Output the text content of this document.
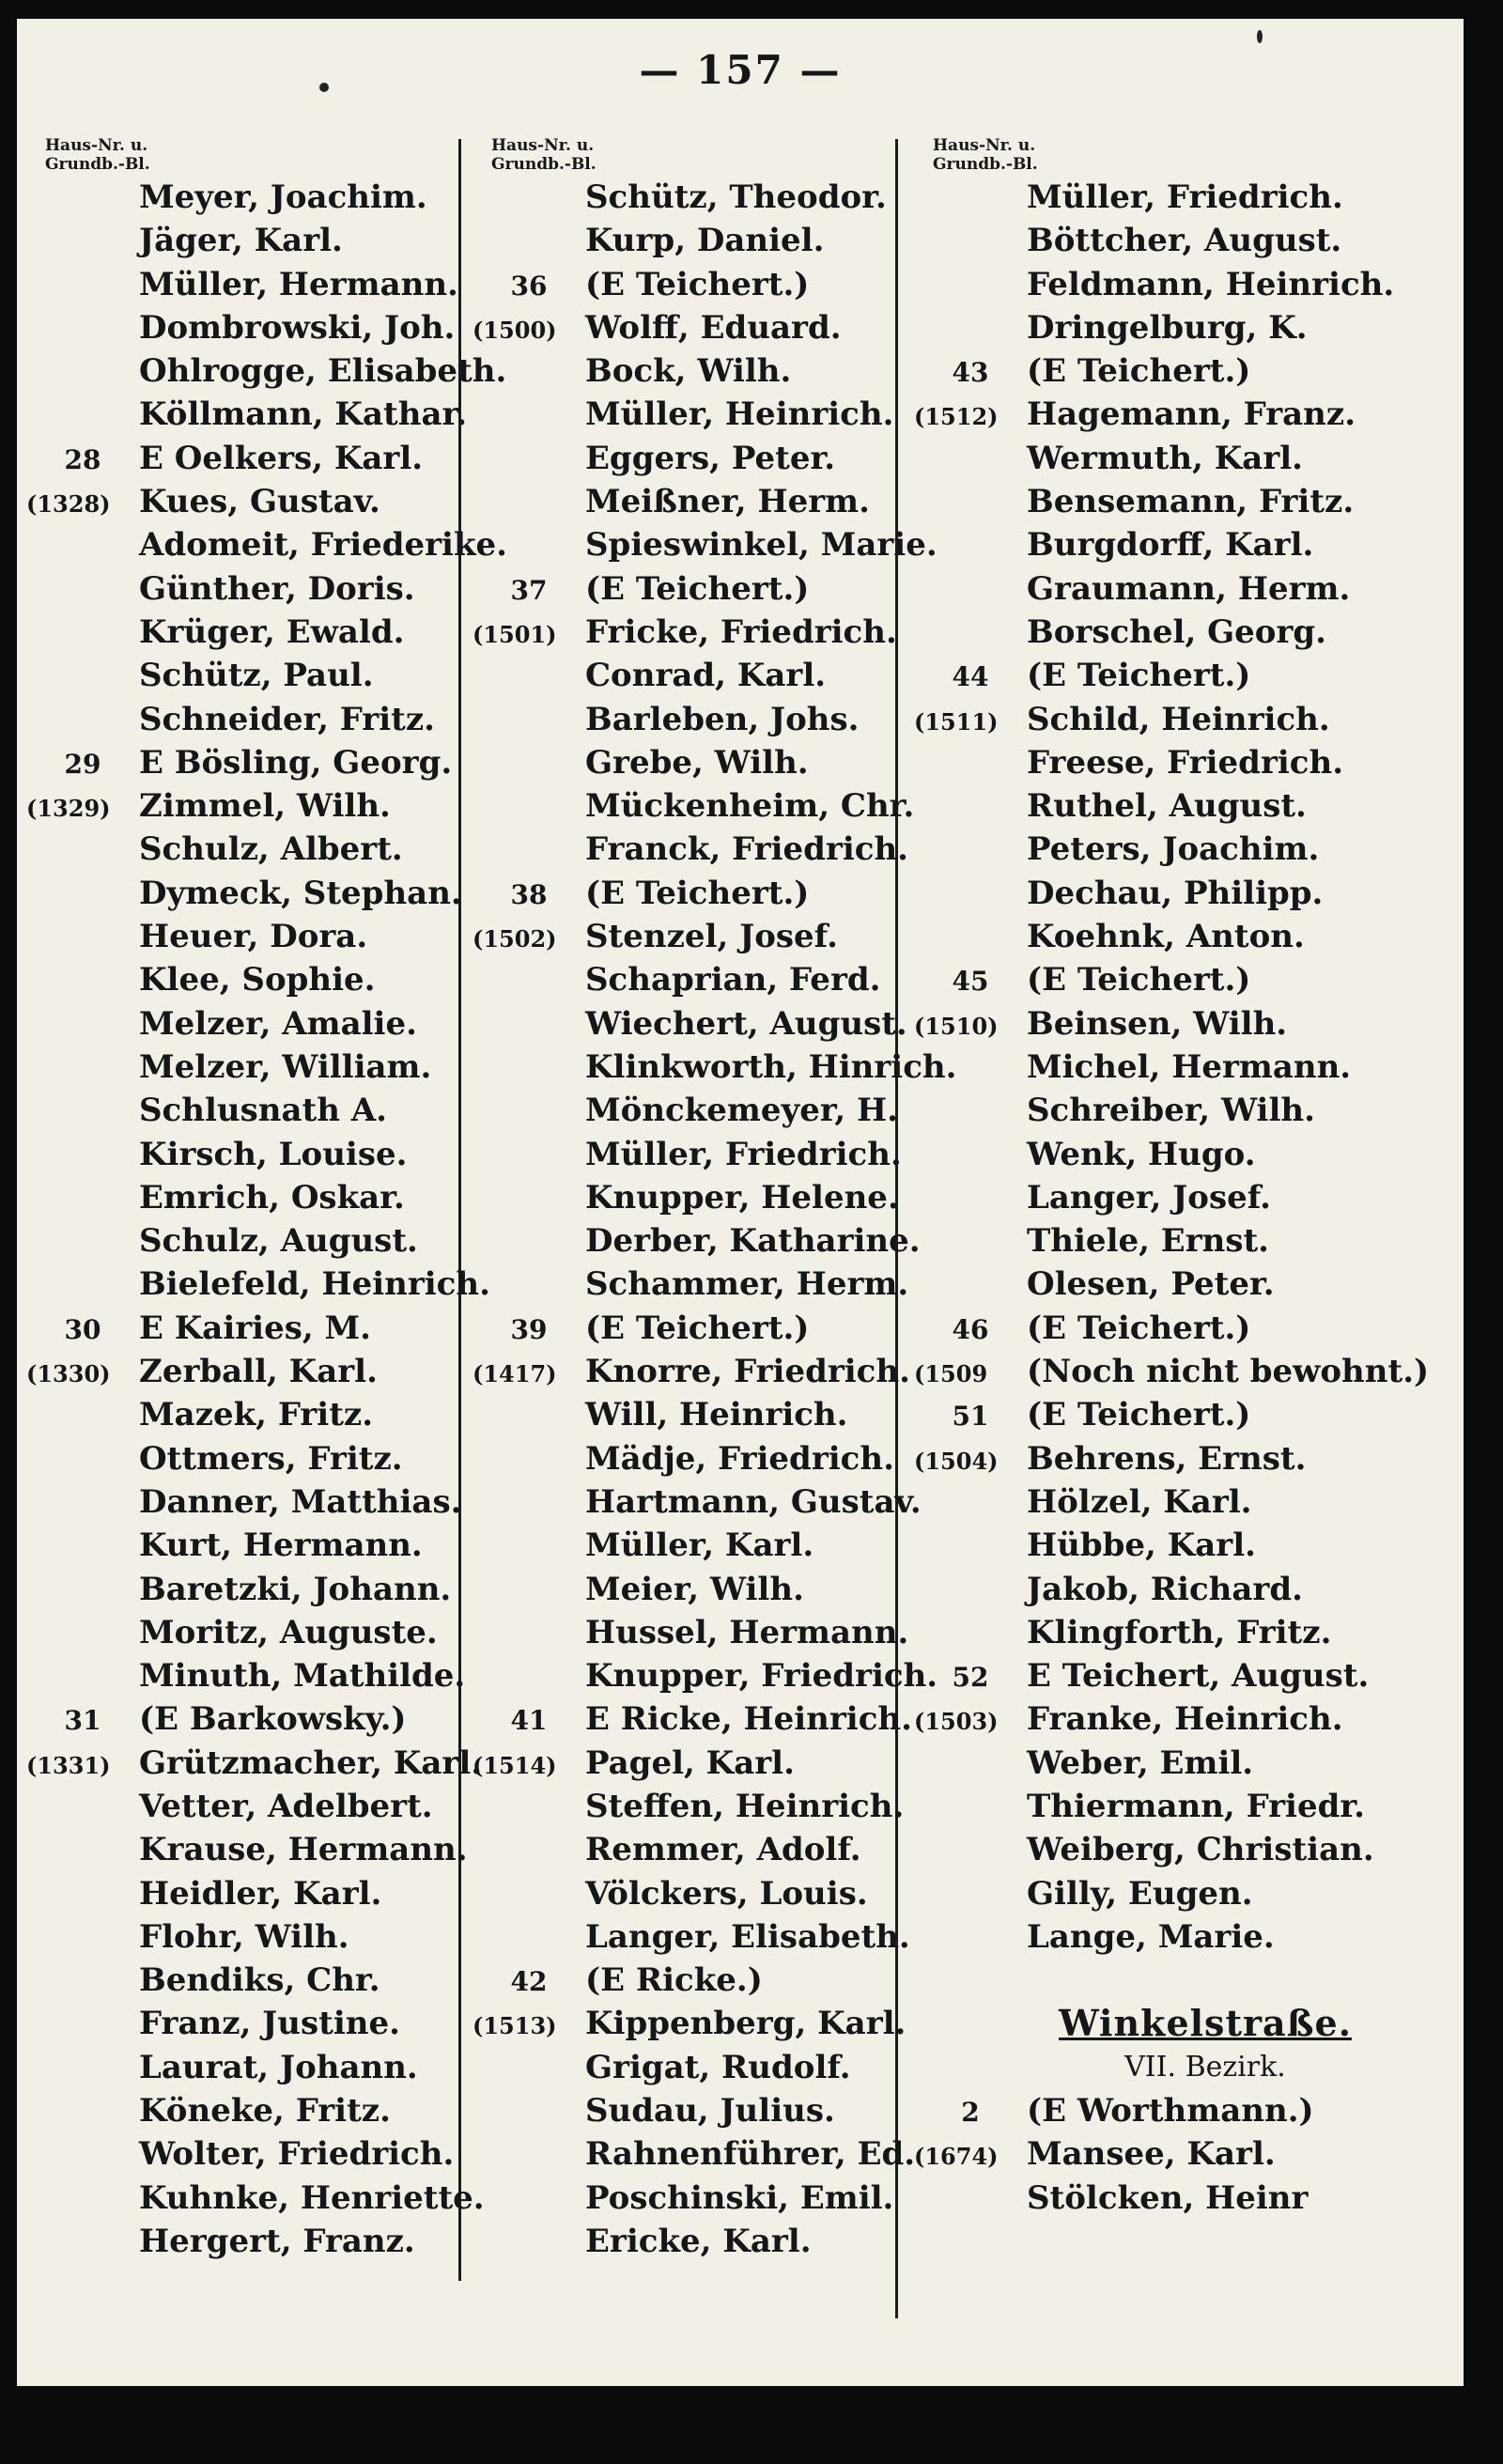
— 157 —
Haus-Nr. u.
Grundb.-Bl.
Meyer, Joachim.
Jäger, Karl.
Müller, Hermann.
Dombrowski, Joh.
Ohlrogge, Elisabeth.
Köllmann, Kathar.
28	E Oelkers, Karl.
(1328) Kues, Gustav.
Adomeit, Friederike.
Günther, Doris.
Krüger, Ewald.
Schütz, Paul.
Schneider, Fritz.
29	E Bösling, Georg.
(1329) Zimmel, Wilh.
Schulz, Albert.
Dymeck, Stephan.
Heuer, Dora.
Klee, Sophie.
Melzer, Amalie.
Melzer, William.
Schlusnath A.
Kirsch, Louise.
Emrich, Oskar.
Schulz, August.
Bielefeld, Heinrich.
30	E Kairies, M.
(1330) Zerball, Karl.
Mazek, Fritz.
Ottmers, Fritz.
Danner, Matthias.
Kurt, Hermann.
Baretzki, Johann.
Moritz, Auguste.
Minuth, Mathilde.
31	(E Barkowsky.)
(1331) Grützmacher, Karl.
Vetter, Adelbert.
Krause, Hermann.
Heidler, Karl.
Flohr, Wilh.
Bendiks, Chr.
Franz, Justine.
Laurat, Johann.
Köneke, Fritz.
Wolter, Friedrich.
Kuhnke, Henriette.
Hergert, Franz.
Haus-Nr. u.
Grundb.-Bl.
Schütz, Theodor.
Kurp, Daniel.
36	(E Teichert.)
(1500) Wolff, Eduard.
Bock, Wilh.
Müller, Heinrich.
Eggers, Peter.
Meißner, Herm.
Spieswinkel, Marie.
37	(E Teichert.)
(1501) Fricke, Friedrich.
Conrad, Karl.
Barleben, Johs.
Grebe, Wilh.
Mückenheim, Chr.
Franck, Friedrich.
38	(E Teichert.)
(1502) Stenzel, Josef.
Schaprian, Ferd.
Wiechert, August.
Klinkworth, Hinrich.
Mönckemeyer, H.
Müller, Friedrich.
Knupper, Helene.
Derber, Katharine.
Schammer, Herm.
39	(E Teichert.)
(1417) Knorre, Friedrich.
Will, Heinrich.
Mädje, Friedrich.
Hartmann, Gustav.
Müller, Karl.
Meier, Wilh.
Hussel, Hermann.
Knupper, Friedrich.
41	E Ricke, Heinrich.
(1514) Pagel, Karl.
Steffen, Heinrich.
Remmer, Adolf.
Völckers, Louis.
Langer, Elisabeth.
42	(E Ricke.)
(1513) Kippenberg, Karl.
Grigat, Rudolf.
Sudau, Julius.
Rahnenführer, Ed.
Poschinski, Emil.
Ericke, Karl.
Haus-Nr. u.
Grundb.-Bl.
Müller, Friedrich.
Böttcher, August.
Feldmann, Heinrich.
Dringelburg, K.
43	(E Teichert.)
(1512) Hagemann, Franz.
Wermuth, Karl.
Bensemann, Fritz.
Burgdorff, Karl.
Graumann, Herm.
Borschel, Georg.
44	(E Teichert.)
(1511) Schild, Heinrich.
Freese, Friedrich.
Ruthel, August.
Peters, Joachim.
Dechau, Philipp.
Koehnk, Anton.
45	(E Teichert.)
(1510) Beinsen, Wilh.
Michel, Hermann.
Schreiber, Wilh.
Wenk, Hugo.
Langer, Josef.
Thiele, Ernst.
Olesen, Peter.
46	(E Teichert.)
(1509	(Noch nicht bewohnt.)
51	(E Teichert.)
(1504) Behrens, Ernst.
Hölzel, Karl.
Hübbe, Karl.
Jakob, Richard.
Klingforth, Fritz.
52	E Teichert, August.
(1503) Franke, Heinrich.
Weber, Emil.
Thiermann, Friedr.
Weiberg, Christian.
Gilly, Eugen.
Lange, Marie.
Winkelstraße.
VII. Bezirk.
2	(E Worthmann.)
(1674) Mansee, Karl.
Stölcken, Heinr
